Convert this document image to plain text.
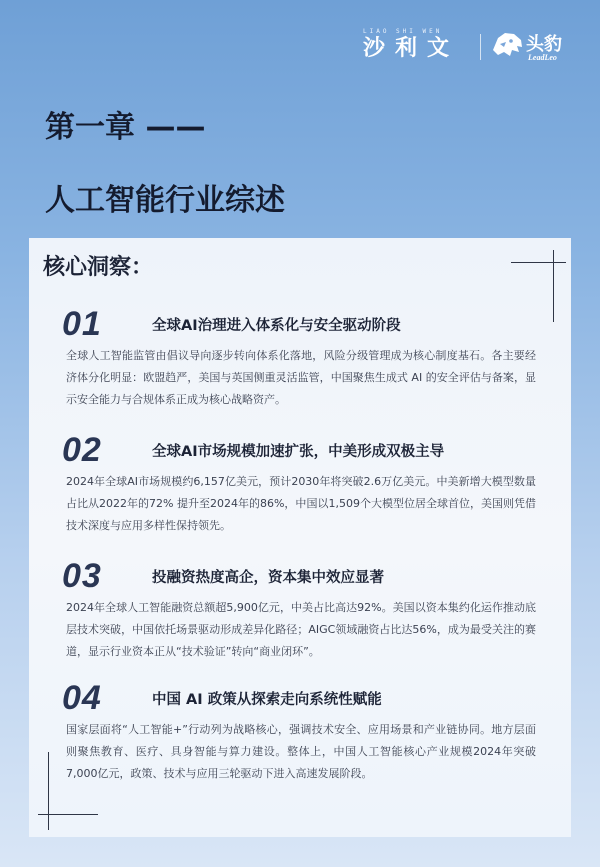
LIAO SHI WEN
沙利文	头豹
LeadLeo
第一章 ——
人工智能行业综述
核心洞察：
01	全球AI治理进入体系化与安全驱动阶段
全球人工智能监管由倡议导向逐步转向体系化落地，风险分级管理成为核心制度基石。各主要经济体分化明显：欧盟趋严，美国与英国侧重灵活监管，中国聚焦生成式 AI 的安全评估与备案，显示安全能力与合规体系正成为核心战略资产。
02	全球AI市场规模加速扩张，中美形成双极主导
2024年全球AI市场规模约6,157亿美元，预计2030年将突破2.6万亿美元。中美新增大模型数量占比从2022年的72% 提升至2024年的86%，中国以1,509个大模型位居全球首位，美国则凭借技术深度与应用多样性保持领先。
03	投融资热度高企，资本集中效应显著
2024年全球人工智能融资总额超5,900亿元，中美占比高达92%。美国以资本集约化运作推动底层技术突破，中国依托场景驱动形成差异化路径；AIGC领域融资占比达56%，成为最受关注的赛道，显示行业资本正从“技术验证”转向“商业闭环”。
04	中国 AI 政策从探索走向系统性赋能
国家层面将“人工智能+”行动列为战略核心，强调技术安全、应用场景和产业链协同。地方层面则聚焦教育、医疗、具身智能与算力建设。整体上，中国人工智能核心产业规模2024年突破7,000亿元，政策、技术与应用三轮驱动下进入高速发展阶段。
